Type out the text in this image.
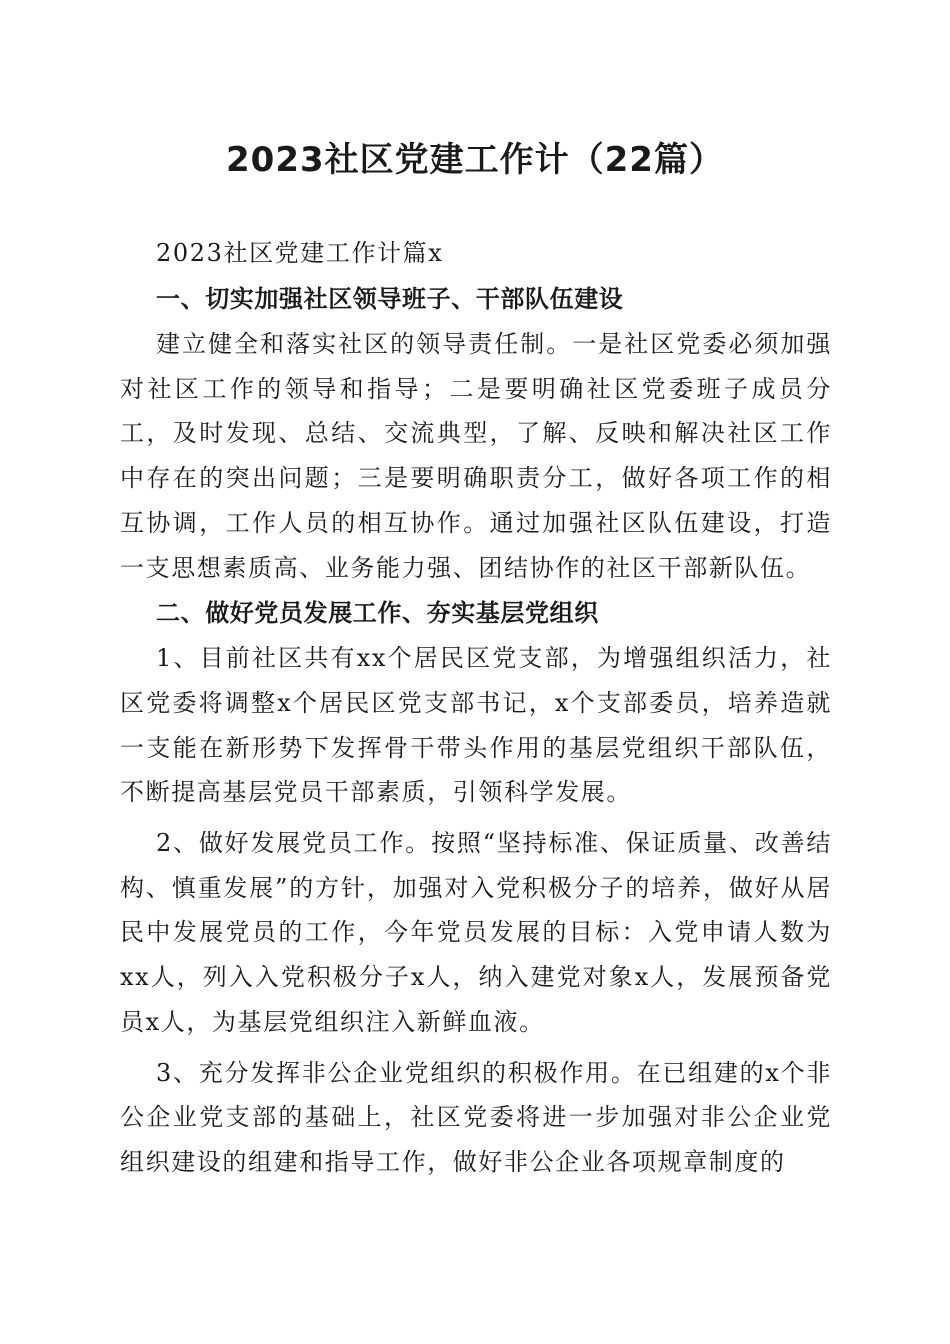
2023社区党建工作计（22篇）

2023社区党建工作计篇x

一、切实加强社区领导班子、干部队伍建设

建立健全和落实社区的领导责任制。一是社区党委必须加强对社区工作的领导和指导；二是要明确社区党委班子成员分工，及时发现、总结、交流典型，了解、反映和解决社区工作中存在的突出问题；三是要明确职责分工，做好各项工作的相互协调，工作人员的相互协作。通过加强社区队伍建设，打造一支思想素质高、业务能力强、团结协作的社区干部新队伍。

二、做好党员发展工作、夯实基层党组织

1、目前社区共有xx个居民区党支部，为增强组织活力，社区党委将调整x个居民区党支部书记，x个支部委员，培养造就一支能在新形势下发挥骨干带头作用的基层党组织干部队伍，不断提高基层党员干部素质，引领科学发展。

2、做好发展党员工作。按照“坚持标准、保证质量、改善结构、慎重发展”的方针，加强对入党积极分子的培养，做好从居民中发展党员的工作，今年党员发展的目标：入党申请人数为xx人，列入入党积极分子x人，纳入建党对象x人，发展预备党员x人，为基层党组织注入新鲜血液。

3、充分发挥非公企业党组织的积极作用。在已组建的x个非公企业党支部的基础上，社区党委将进一步加强对非公企业党组织建设的组建和指导工作，做好非公企业各项规章制度的
